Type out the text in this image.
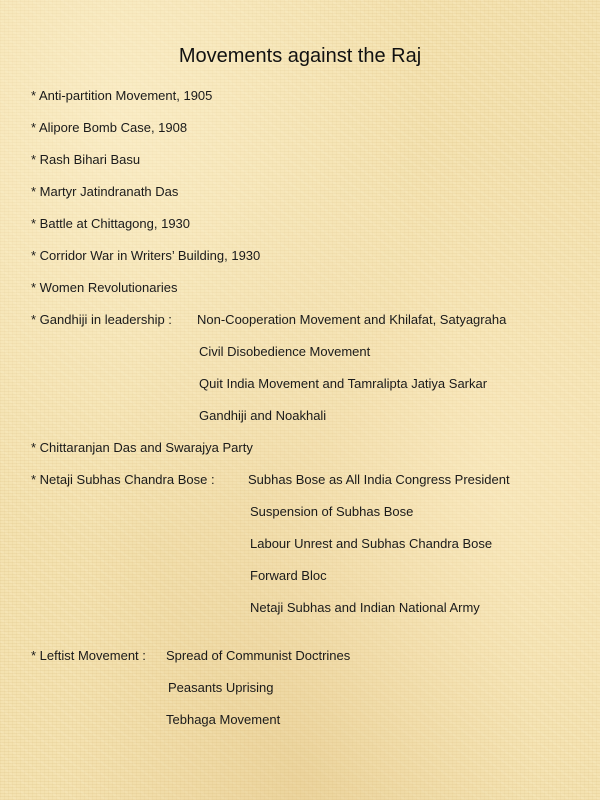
Movements against the Raj
* Anti-partition Movement, 1905
* Alipore Bomb Case, 1908
* Rash Bihari Basu
* Martyr Jatindranath Das
* Battle at Chittagong, 1930
* Corridor War in Writers’ Building, 1930
* Women Revolutionaries
* Gandhiji in leadership : Non-Cooperation Movement and Khilafat, Satyagraha
Civil Disobedience Movement
Quit India Movement and Tamralipta Jatiya Sarkar
Gandhiji and Noakhali
* Chittaranjan Das and Swarajya Party
* Netaji Subhas Chandra Bose :	Subhas Bose as All India Congress President
Suspension of Subhas Bose
Labour Unrest and Subhas Chandra Bose
Forward Bloc
Netaji Subhas and Indian National Army
* Leftist Movement : Spread of Communist Doctrines
Peasants Uprising
Tebhaga Movement
